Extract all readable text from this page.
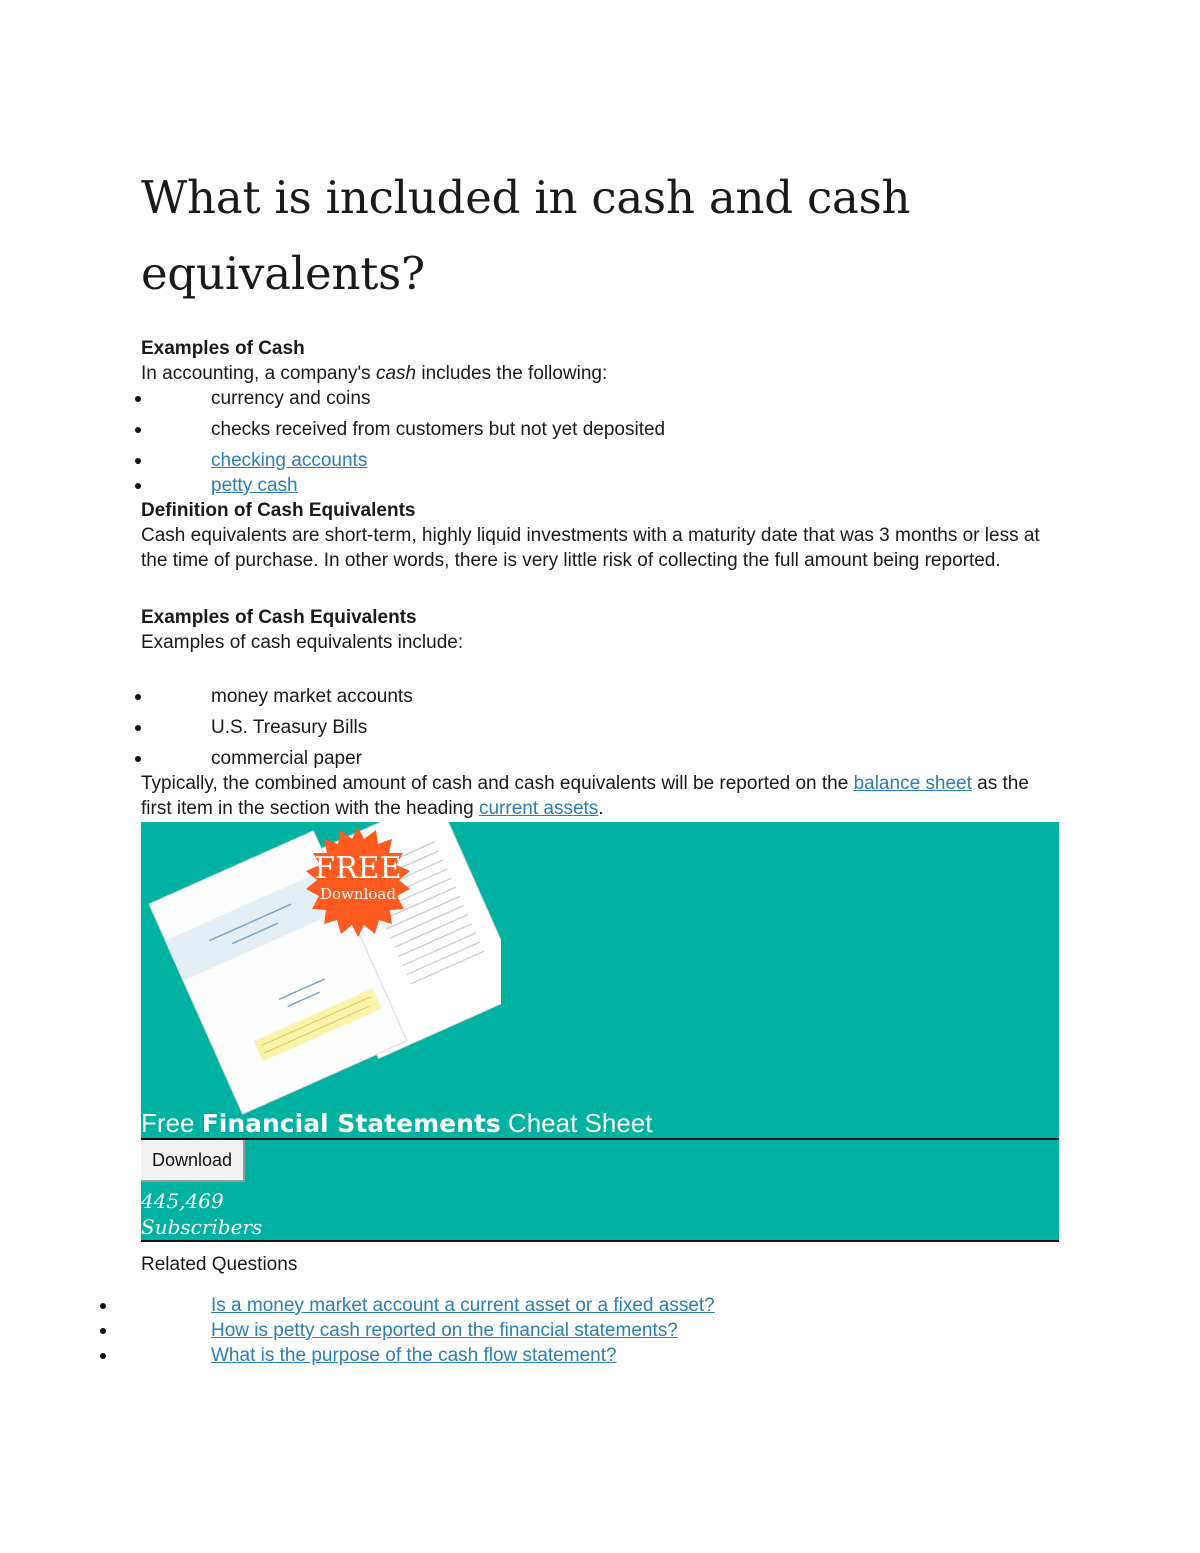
What is included in cash and cash equivalents?

Examples of Cash

In accounting, a company's cash includes the following:

currency and coins
checks received from customers but not yet deposited
checking accounts
petty cash

Definition of Cash Equivalents

Cash equivalents are short-term, highly liquid investments with a maturity date that was 3 months or less at the time of purchase. In other words, there is very little risk of collecting the full amount being reported.

Examples of Cash Equivalents

Examples of cash equivalents include:

money market accounts
U.S. Treasury Bills
commercial paper

Typically, the combined amount of cash and cash equivalents will be reported on the balance sheet as the first item in the section with the heading current assets.

FREE
Download
Free Financial Statements Cheat Sheet
Download
445,469
Subscribers

Related Questions

Is a money market account a current asset or a fixed asset?
How is petty cash reported on the financial statements?
What is the purpose of the cash flow statement?
